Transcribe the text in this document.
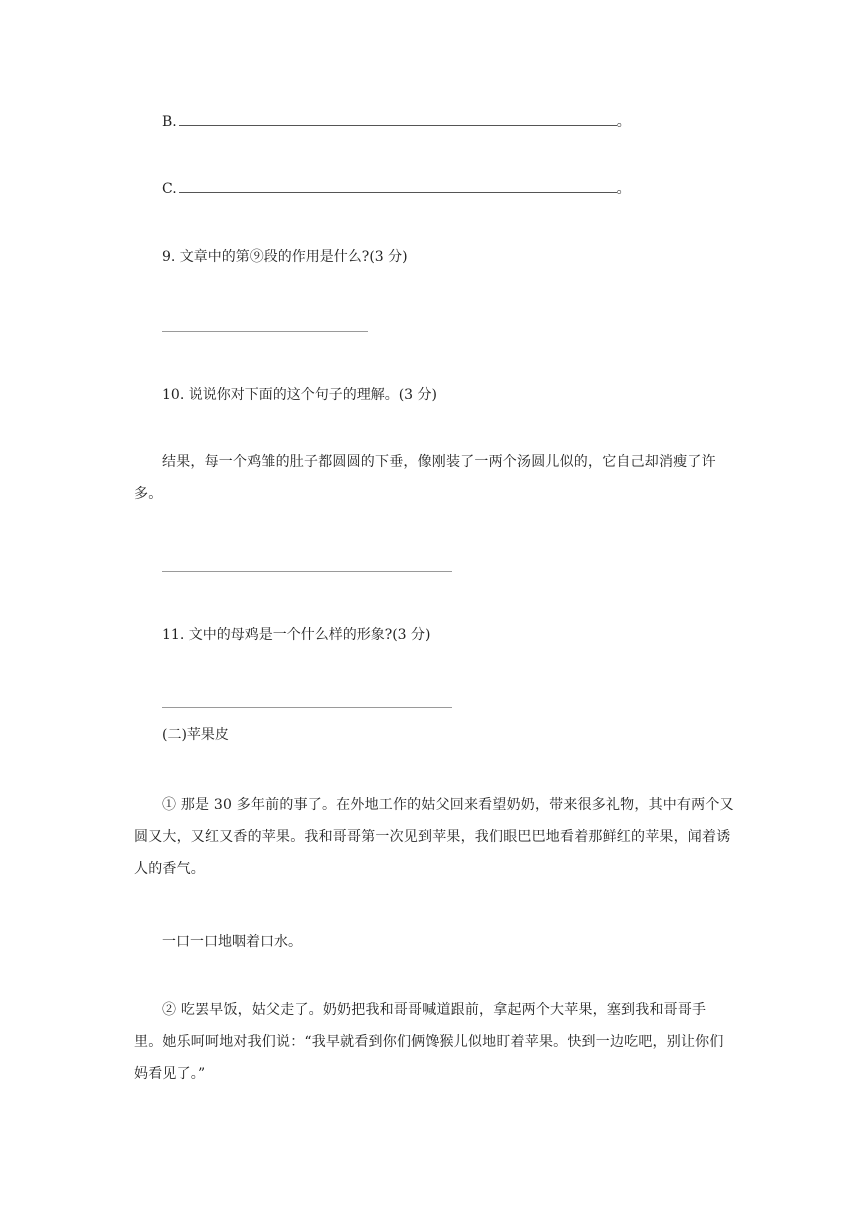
B.	。
C.	。
9. 文章中的第⑨段的作用是什么?(3 分)
10. 说说你对下面的这个句子的理解。(3 分)
结果，每一个鸡雏的肚子都圆圆的下垂，像刚装了一两个汤圆儿似的，它自己却消瘦了许多。
11. 文中的母鸡是一个什么样的形象?(3 分)
(二)苹果皮
① 那是 30 多年前的事了。在外地工作的姑父回来看望奶奶，带来很多礼物，其中有两个又圆又大，又红又香的苹果。我和哥哥第一次见到苹果，我们眼巴巴地看着那鲜红的苹果，闻着诱人的香气。
一口一口地咽着口水。
② 吃罢早饭，姑父走了。奶奶把我和哥哥喊道跟前，拿起两个大苹果，塞到我和哥哥手里。她乐呵呵地对我们说：“我早就看到你们俩馋猴儿似地盯着苹果。快到一边吃吧，别让你们妈看见了。”
